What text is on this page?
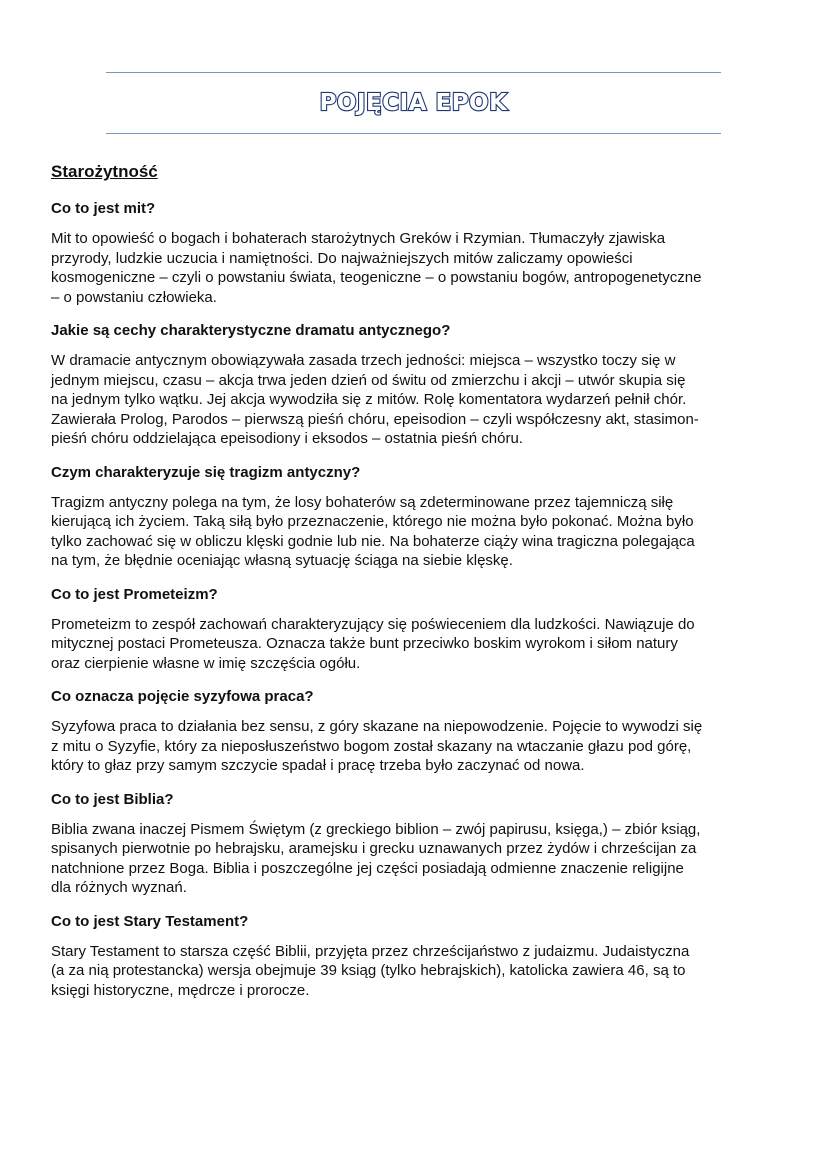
POJĘCIA EPOK
Starożytność
Co to jest mit?
Mit to opowieść o bogach i bohaterach starożytnych Greków i Rzymian. Tłumaczyły zjawiska
przyrody, ludzkie uczucia i namiętności. Do najważniejszych mitów zaliczamy opowieści
kosmogeniczne – czyli o powstaniu świata, teogeniczne – o powstaniu bogów, antropogenetyczne
– o powstaniu człowieka.
Jakie są cechy charakterystyczne dramatu antycznego?
W dramacie antycznym obowiązywała zasada trzech jedności: miejsca – wszystko toczy się w
jednym miejscu, czasu – akcja trwa jeden dzień od świtu od zmierzchu i akcji – utwór skupia się
na jednym tylko wątku. Jej akcja wywodziła się z mitów. Rolę komentatora wydarzeń pełnił chór.
Zawierała Prolog, Parodos – pierwszą pieśń chóru, epeisodion – czyli współczesny akt, stasimon-
pieśń chóru oddzielająca epeisodiony i eksodos – ostatnia pieśń chóru.
Czym charakteryzuje się tragizm antyczny?
Tragizm antyczny polega na tym, że losy bohaterów są zdeterminowane przez tajemniczą siłę
kierującą ich życiem. Taką siłą było przeznaczenie, którego nie można było pokonać. Można było
tylko zachować się w obliczu klęski godnie lub nie. Na bohaterze ciąży wina tragiczna polegająca
na tym, że błędnie oceniając własną sytuację ściąga na siebie klęskę.
Co to jest Prometeizm?
Prometeizm to zespół zachowań charakteryzujący się poświeceniem dla ludzkości. Nawiązuje do
mitycznej postaci Prometeusza. Oznacza także bunt przeciwko boskim wyrokom i siłom natury
oraz cierpienie własne w imię szczęścia ogółu.
Co oznacza pojęcie syzyfowa praca?
Syzyfowa praca to działania bez sensu, z góry skazane na niepowodzenie. Pojęcie to wywodzi się
z mitu o Syzyfie, który za nieposłuszeństwo bogom został skazany na wtaczanie głazu pod górę,
który to głaz przy samym szczycie spadał i pracę trzeba było zaczynać od nowa.
Co to jest Biblia?
Biblia zwana inaczej Pismem Świętym (z greckiego biblion – zwój papirusu, księga,) – zbiór ksiąg,
spisanych pierwotnie po hebrajsku, aramejsku i grecku uznawanych przez żydów i chrześcijan za
natchnione przez Boga. Biblia i poszczególne jej części posiadają odmienne znaczenie religijne
dla różnych wyznań.
Co to jest Stary Testament?
Stary Testament to starsza część Biblii, przyjęta przez chrześcijaństwo z judaizmu. Judaistyczna
(a za nią protestancka) wersja obejmuje 39 ksiąg (tylko hebrajskich), katolicka zawiera 46, są to
księgi historyczne, mędrcze i prorocze.
